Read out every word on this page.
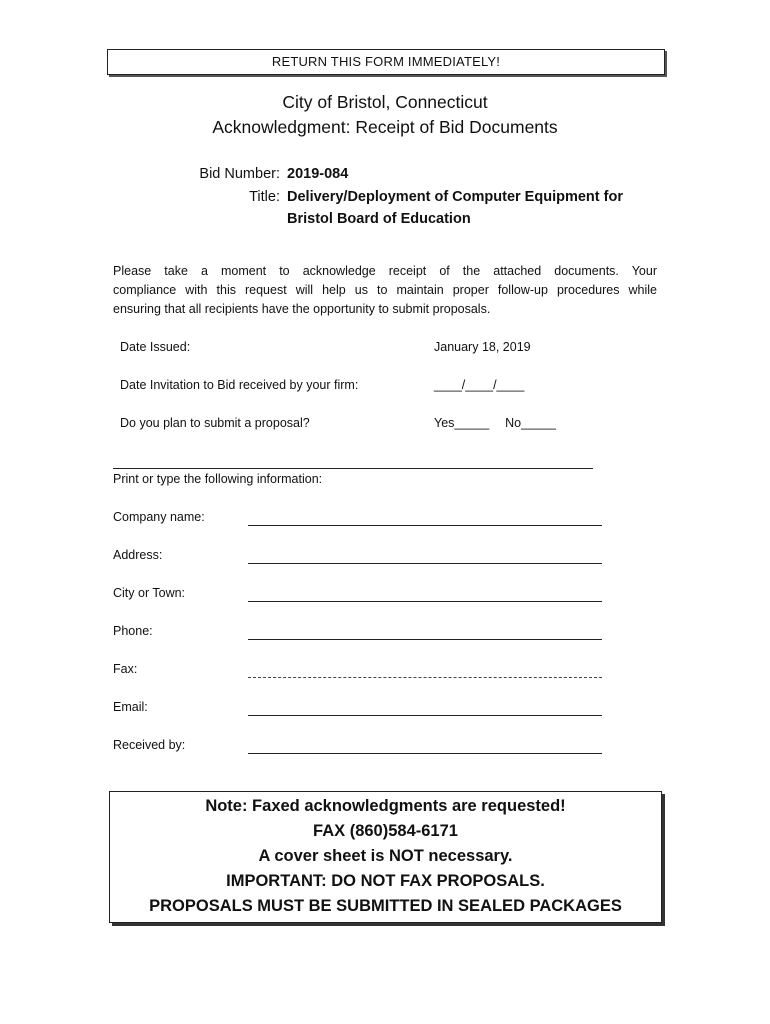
RETURN THIS FORM IMMEDIATELY!
City of Bristol, Connecticut
Acknowledgment: Receipt of Bid Documents
Bid Number: 2019-084
Title: Delivery/Deployment of Computer Equipment for
Bristol Board of Education
Please take a moment to acknowledge receipt of the attached documents. Your
compliance with this request will help us to maintain proper follow-up procedures while
ensuring that all recipients have the opportunity to submit proposals.
Date Issued:	January 18, 2019
Date Invitation to Bid received by your firm:	____/____/____
Do you plan to submit a proposal?	Yes_____ No_____
Print or type the following information:
Company name:
Address:
City or Town:
Phone:
Fax:
Email:
Received by:
Note: Faxed acknowledgments are requested!
FAX (860)584-6171
A cover sheet is NOT necessary.
IMPORTANT: DO NOT FAX PROPOSALS.
PROPOSALS MUST BE SUBMITTED IN SEALED PACKAGES
